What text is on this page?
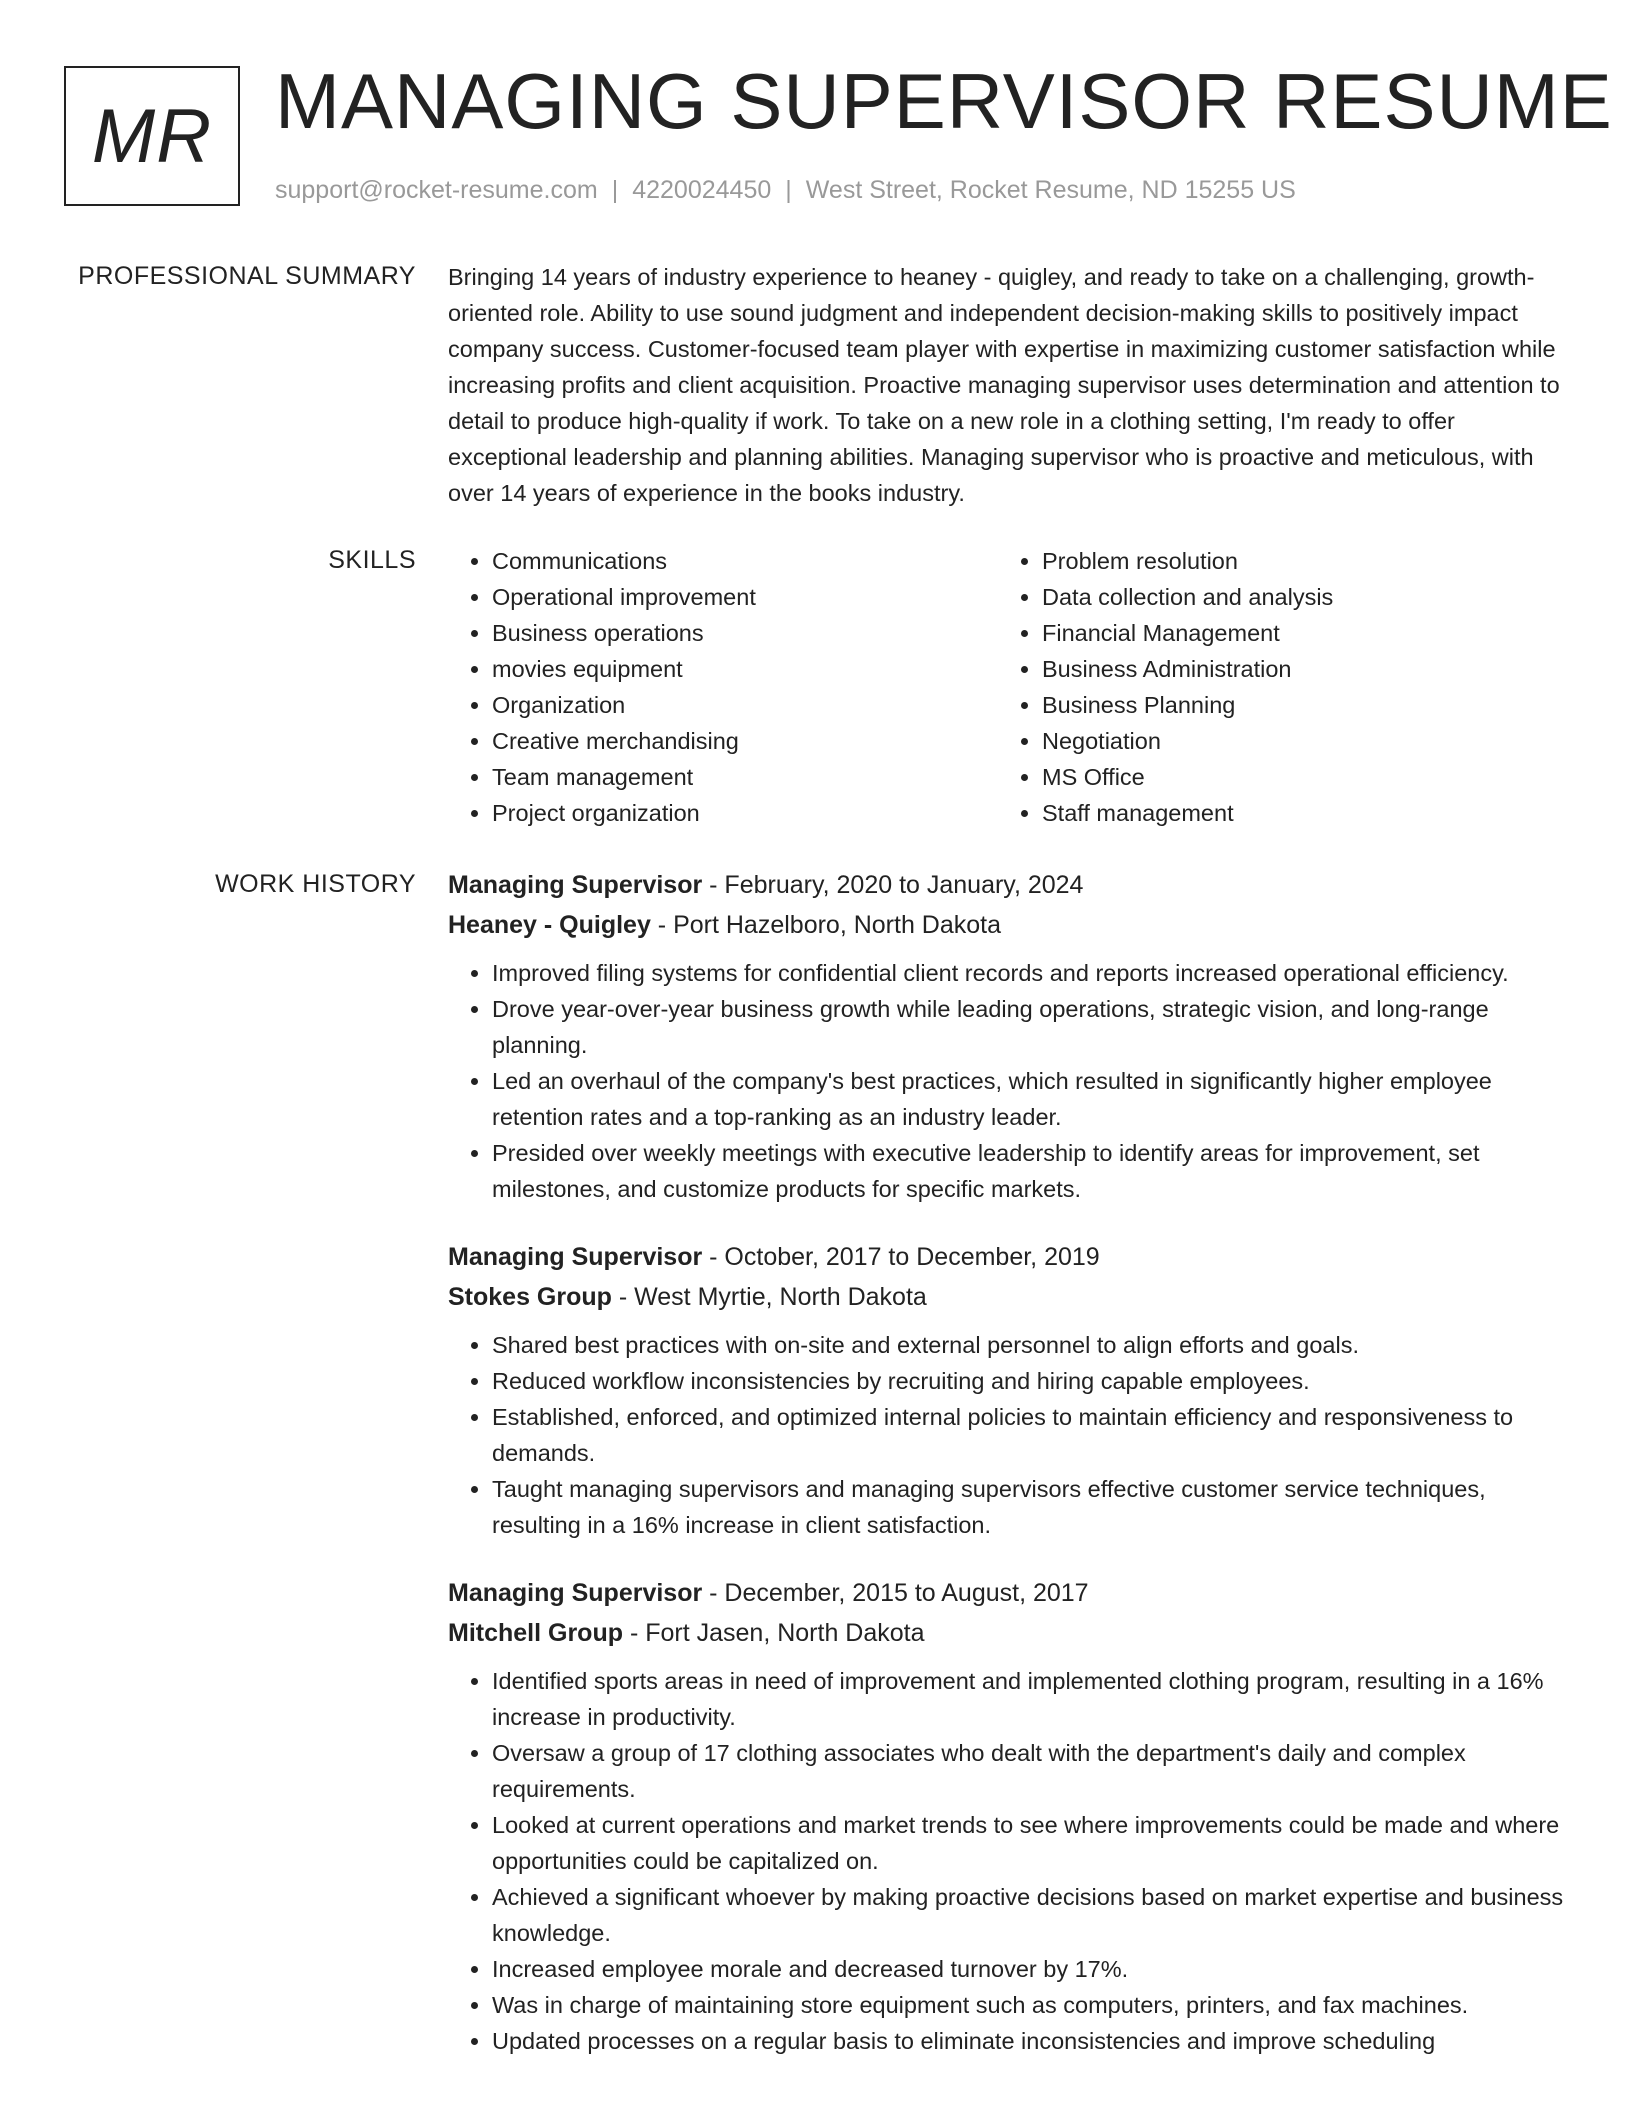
MR MANAGING SUPERVISOR RESUME
support@rocket-resume.com | 4220024450 | West Street, Rocket Resume, ND 15255 US
PROFESSIONAL SUMMARY Bringing 14 years of industry experience to heaney - quigley, and ready to take on a challenging, growth-oriented role. Ability to use sound judgment and independent decision-making skills to positively impact company success. Customer-focused team player with expertise in maximizing customer satisfaction while increasing profits and client acquisition. Proactive managing supervisor uses determination and attention to detail to produce high-quality if work. To take on a new role in a clothing setting, I'm ready to offer exceptional leadership and planning abilities. Managing supervisor who is proactive and meticulous, with over 14 years of experience in the books industry.

SKILLS
•	Communications
• Operational improvement
• Business operations
• movies equipment
• Organization
• Creative merchandising
• Team management
• Project organization
• Problem resolution
• Data collection and analysis
• Financial Management
• Business Administration
• Business Planning
• Negotiation
• MS Office
• Staff management
WORK HISTORY Managing Supervisor - February, 2020 to January, 2024
Heaney - Quigley - Port Hazelboro, North Dakota
• Improved filing systems for confidential client records and reports increased operational efficiency.
• Drove year-over-year business growth while leading operations, strategic vision, and long-range planning.
• Led an overhaul of the company's best practices, which resulted in significantly higher employee retention rates and a top-ranking as an industry leader.
• Presided over weekly meetings with executive leadership to identify areas for improvement, set milestones, and customize products for specific markets.
Managing Supervisor - October, 2017 to December, 2019
Stokes Group - West Myrtie, North Dakota
• Shared best practices with on-site and external personnel to align efforts and goals.
• Reduced workflow inconsistencies by recruiting and hiring capable employees.
• Established, enforced, and optimized internal policies to maintain efficiency and responsiveness to demands.
• Taught managing supervisors and managing supervisors effective customer service techniques, resulting in a 16% increase in client satisfaction.
Managing Supervisor - December, 2015 to August, 2017
Mitchell Group - Fort Jasen, North Dakota
• Identified sports areas in need of improvement and implemented clothing program, resulting in a 16% increase in productivity.
• Oversaw a group of 17 clothing associates who dealt with the department's daily and complex requirements.
• Looked at current operations and market trends to see where improvements could be made and where opportunities could be capitalized on.
• Achieved a significant whoever by making proactive decisions based on market expertise and business knowledge.
• Increased employee morale and decreased turnover by 17%.
• Was in charge of maintaining store equipment such as computers, printers, and fax machines.
• Updated processes on a regular basis to eliminate inconsistencies and improve scheduling
